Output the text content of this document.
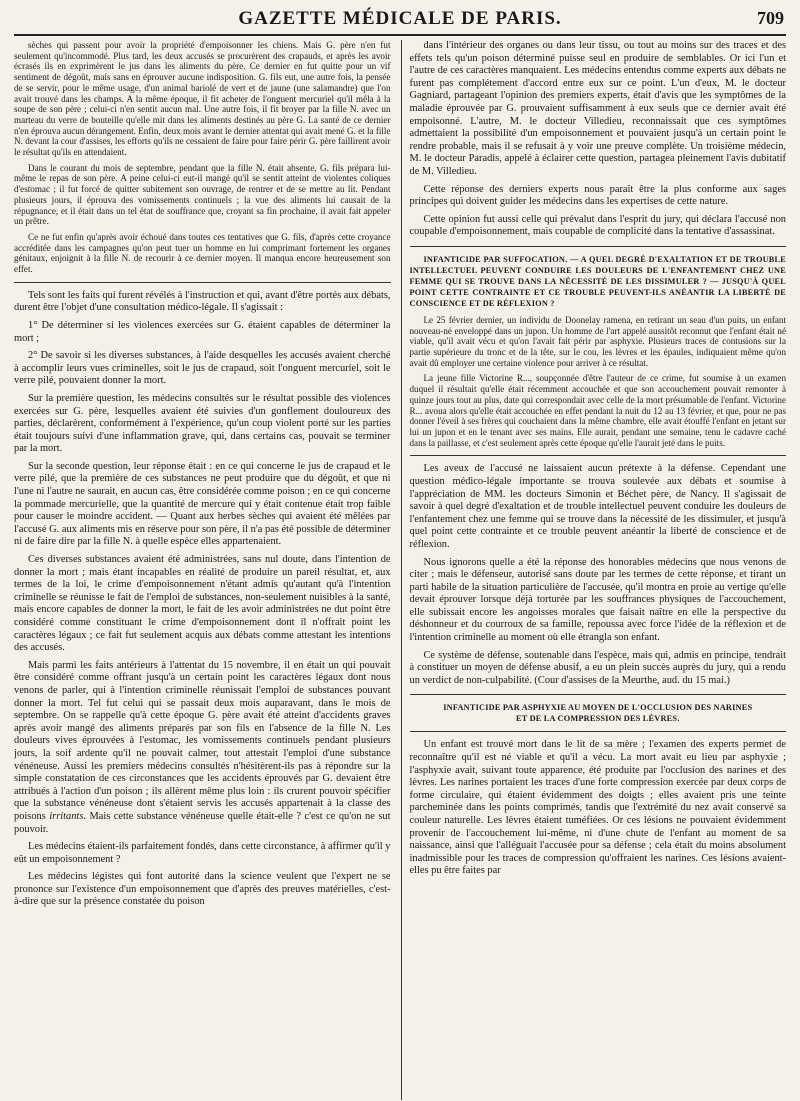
GAZETTE MÉDICALE DE PARIS.	709

sèches qui passent pour avoir la propriété d'empoisonner les chiens. Mais G. père n'en fut seulement qu'incommodé. Plus tard, les deux accusés se procurèrent des crapauds, et après les avoir écrasés ils en exprimèrent le jus dans les aliments du père. Ce dernier en fut quitte pour un vif sentiment de dégoût, mais sans en éprouver aucune indisposition. G. fils eut, une autre fois, la pensée de se servir, pour le même usage, d'un animal bariolé de vert et de jaune (une salamandre) que l'on avait trouvé dans les champs. A la même époque, il fit acheter de l'onguent mercuriel qu'il mêla à la soupe de son père ; celui-ci n'en sentit aucun mal. Une autre fois, il fit broyer par la fille N. avec un marteau du verre de bouteille qu'elle mit dans les aliments destinés au père G. La santé de ce dernier n'en éprouva aucun dérangement. Enfin, deux mois avant le dernier attentat qui avait mené G. et la fille N. devant la cour d'assises, les efforts qu'ils ne cessaient de faire pour faire périr G. père faillirent avoir le résultat qu'ils en attendaient.

Dans le courant du mois de septembre, pendant que la fille N. était absente, G. fils prépara lui-même le repas de son père. A peine celui-ci eut-il mangé qu'il se sentit atteint de violentes coliques d'estomac ; il fut forcé de quitter subitement son ouvrage, de rentrer et de se mettre au lit. Pendant plusieurs jours, il éprouva des vomissements continuels ; la vue des aliments lui causait de la répugnance, et il était dans un tel état de souffrance que, croyant sa fin prochaine, il avait fait appeler un prêtre.

Ce ne fut enfin qu'après avoir échoué dans toutes ces tentatives que G. fils, d'après cette croyance accréditée dans les campagnes qu'on peut tuer un homme en lui comprimant fortement les organes génitaux, enjoignit à la fille N. de recourir à ce dernier moyen. Il manqua encore heureusement son effet.

Tels sont les faits qui furent révélés à l'instruction et qui, avant d'être portés aux débats, durent être l'objet d'une consultation médico-légale. Il s'agissait :

1° De déterminer si les violences exercées sur G. étaient capables de déterminer la mort ;

2° De savoir si les diverses substances, à l'aide desquelles les accusés avaient cherché à accomplir leurs vues criminelles, soit le jus de crapaud, soit l'onguent mercuriel, soit le verre pilé, pouvaient donner la mort.

Sur la première question, les médecins consultés sur le résultat possible des violences exercées sur G. père, lesquelles avaient été suivies d'un gonflement douloureux des parties, déclarèrent, conformément à l'expérience, qu'un coup violent porté sur les parties était toujours suivi d'une inflammation grave, qui, dans certains cas, pouvait se terminer par la mort.

Sur la seconde question, leur réponse était : en ce qui concerne le jus de crapaud et le verre pilé, que la première de ces substances ne peut produire que du dégoût, et que ni l'une ni l'autre ne saurait, en aucun cas, être considérée comme poison ; en ce qui concerne la pommade mercurielle, que la quantité de mercure qui y était contenue était trop faible pour causer le moindre accident. — Quant aux herbes sèches qui avaient été mêlées par l'accusé G. aux aliments mis en réserve pour son père, il n'a pas été possible de déterminer ni de faire dire par la fille N. à quelle espèce elles appartenaient.

Ces diverses substances avaient été administrées, sans nul doute, dans l'intention de donner la mort ; mais étant incapables en réalité de produire un pareil résultat, et, aux termes de la loi, le crime d'empoisonnement n'étant admis qu'autant qu'à l'intention criminelle se réunisse le fait de l'emploi de substances, non-seulement nuisibles à la santé, mais encore capables de donner la mort, le fait de les avoir administrées ne dut point être considéré comme constituant le crime d'empoisonnement dont il n'offrait point les caractères légaux ; ce fait fut seulement acquis aux débats comme attestant les intentions des accusés.

Mais parmi les faits antérieurs à l'attentat du 15 novembre, il en était un qui pouvait être considéré comme offrant jusqu'à un certain point les caractères légaux dont nous venons de parler, qui à l'intention criminelle réunissait l'emploi de substances pouvant donner la mort. Tel fut celui qui se passait deux mois auparavant, dans le mois de septembre. On se rappelle qu'à cette époque G. père avait été atteint d'accidents graves après avoir mangé des aliments préparés par son fils en l'absence de la fille N. Les douleurs vives éprouvées à l'estomac, les vomissements continuels pendant plusieurs jours, la soif ardente qu'il ne pouvait calmer, tout attestait l'emploi d'une substance vénéneuse. Aussi les premiers médecins consultés n'hésitèrent-ils pas à répondre sur la simple constatation de ces circonstances que les accidents éprouvés par G. devaient être attribués à l'action d'un poison ; ils allèrent même plus loin : ils crurent pouvoir spécifier que la substance vénéneuse dont s'étaient servis les accusés appartenait à la classe des poisons irritants. Mais cette substance vénéneuse quelle était-elle ? c'est ce qu'on ne sut pouvoir.

Les médecins étaient-ils parfaitement fondés, dans cette circonstance, à affirmer qu'il y eût un empoisonnement ?

Les médecins légistes qui font autorité dans la science veulent que l'expert ne se prononce sur l'existence d'un empoisonnement que d'après des preuves matérielles, c'est-à-dire que sur la présence constatée du poison

dans l'intérieur des organes ou dans leur tissu, ou tout au moins sur des traces et des effets tels qu'un poison déterminé puisse seul en produire de semblables. Or ici l'un et l'autre de ces caractères manquaient. Les médecins entendus comme experts aux débats ne furent pas complétement d'accord entre eux sur ce point. L'un d'eux, M. le docteur Gagniard, partageant l'opinion des premiers experts, était d'avis que les symptômes de la maladie éprouvée par G. prouvaient suffisamment à eux seuls que ce dernier avait été empoisonné. L'autre, M. le docteur Villedieu, reconnaissait que ces symptômes admettaient la possibilité d'un empoisonnement et pouvaient jusqu'à un certain point le rendre probable, mais il se refusait à y voir une preuve complète. Un troisième médecin, M. le docteur Paradis, appelé à éclairer cette question, partagea pleinement l'avis dubitatif de M. Villedieu.

Cette réponse des derniers experts nous paraît être la plus conforme aux sages principes qui doivent guider les médecins dans les expertises de cette nature.

Cette opinion fut aussi celle qui prévalut dans l'esprit du jury, qui déclara l'accusé non coupable d'empoisonnement, mais coupable de complicité dans la tentative d'assassinat.

INFANTICIDE PAR SUFFOCATION. — A QUEL DEGRÉ D'EXALTATION ET DE TROUBLE INTELLECTUEL PEUVENT CONDUIRE LES DOULEURS DE L'ENFANTEMENT CHEZ UNE FEMME QUI SE TROUVE DANS LA NÉCESSITÉ DE LES DISSIMULER ? — JUSQU'À QUEL POINT CETTE CONTRAINTE ET CE TROUBLE PEUVENT-ILS ANÉANTIR LA LIBERTÉ DE CONSCIENCE ET DE RÉFLEXION ?

Le 25 février dernier, un individu de Doonelay ramena, en retirant un seau d'un puits, un enfant nouveau-né enveloppé dans un jupon. Un homme de l'art appelé aussitôt reconnut que l'enfant était né viable, qu'il avait vécu et qu'on l'avait fait périr par asphyxie. Plusieurs traces de contusions sur la partie supérieure du tronc et de la tête, sur le cou, les lèvres et les épaules, indiquaient même qu'on avait dû employer une certaine violence pour arriver à ce résultat.

La jeune fille Victorine R..., soupçonnée d'être l'auteur de ce crime, fut soumise à un examen duquel il résultait qu'elle était récemment accouchée et que son accouchement pouvait remonter à quinze jours tout au plus, date qui correspondait avec celle de la mort présumable de l'enfant. Victorine R... avoua alors qu'elle était accouchée en effet pendant la nuit du 12 au 13 février, et que, pour ne pas donner l'éveil à ses frères qui couchaient dans la même chambre, elle avait étouffé l'enfant en jetant sur lui un jupon et en le tenant avec ses mains. Elle aurait, pendant une semaine, tenu le cadavre caché dans la paillasse, et c'est seulement après cette époque qu'elle l'aurait jeté dans le puits.

Les aveux de l'accusé ne laissaient aucun prétexte à la défense. Cependant une question médico-légale importante se trouva soulevée aux débats et soumise à l'appréciation de MM. les docteurs Simonin et Béchet père, de Nancy. Il s'agissait de savoir à quel degré d'exaltation et de trouble intellectuel peuvent conduire les douleurs de l'enfantement chez une femme qui se trouve dans la nécessité de les dissimuler, et jusqu'à quel point cette contrainte et ce trouble peuvent anéantir la liberté de conscience et de réflexion.

Nous ignorons quelle a été la réponse des honorables médecins que nous venons de citer ; mais le défenseur, autorisé sans doute par les termes de cette réponse, et tirant un parti habile de la situation particulière de l'accusée, qu'il montra en proie au vertige qu'elle devait éprouver lorsque déjà torturée par les souffrances physiques de l'accouchement, elle subissait encore les angoisses morales que faisait naître en elle la perspective du déshonneur et du courroux de sa famille, repoussa avec force l'idée de la réflexion et de l'intention criminelle au moment où elle étrangla son enfant.

Ce système de défense, soutenable dans l'espèce, mais qui, admis en principe, tendrait à constituer un moyen de défense abusif, a eu un plein succès auprès du jury, qui a rendu un verdict de non-culpabilité. (Cour d'assises de la Meurthe, aud. du 15 mai.)

INFANTICIDE PAR ASPHYXIE AU MOYEN DE L'OCCLUSION DES NARINES
ET DE LA COMPRESSION DES LÈVRES.

Un enfant est trouvé mort dans le lit de sa mère ; l'examen des experts permet de reconnaître qu'il est né viable et qu'il a vécu. La mort avait eu lieu par asphyxie ; l'asphyxie avait, suivant toute apparence, été produite par l'occlusion des narines et des lèvres. Les narines portaient les traces d'une forte compression exercée par deux corps de forme circulaire, qui étaient évidemment des doigts ; elles avaient pris une teinte parcheminée dans les points comprimés, tandis que l'extrémité du nez avait conservé sa couleur naturelle. Les lèvres étaient tuméfiées. Or ces lésions ne pouvaient évidemment provenir de l'accouchement lui-même, ni d'une chute de l'enfant au moment de sa naissance, ainsi que l'alléguait l'accusée pour sa défense ; cela était du moins absolument inadmissible pour les traces de compression qu'offraient les narines. Ces lésions avaient-elles pu être faites par
